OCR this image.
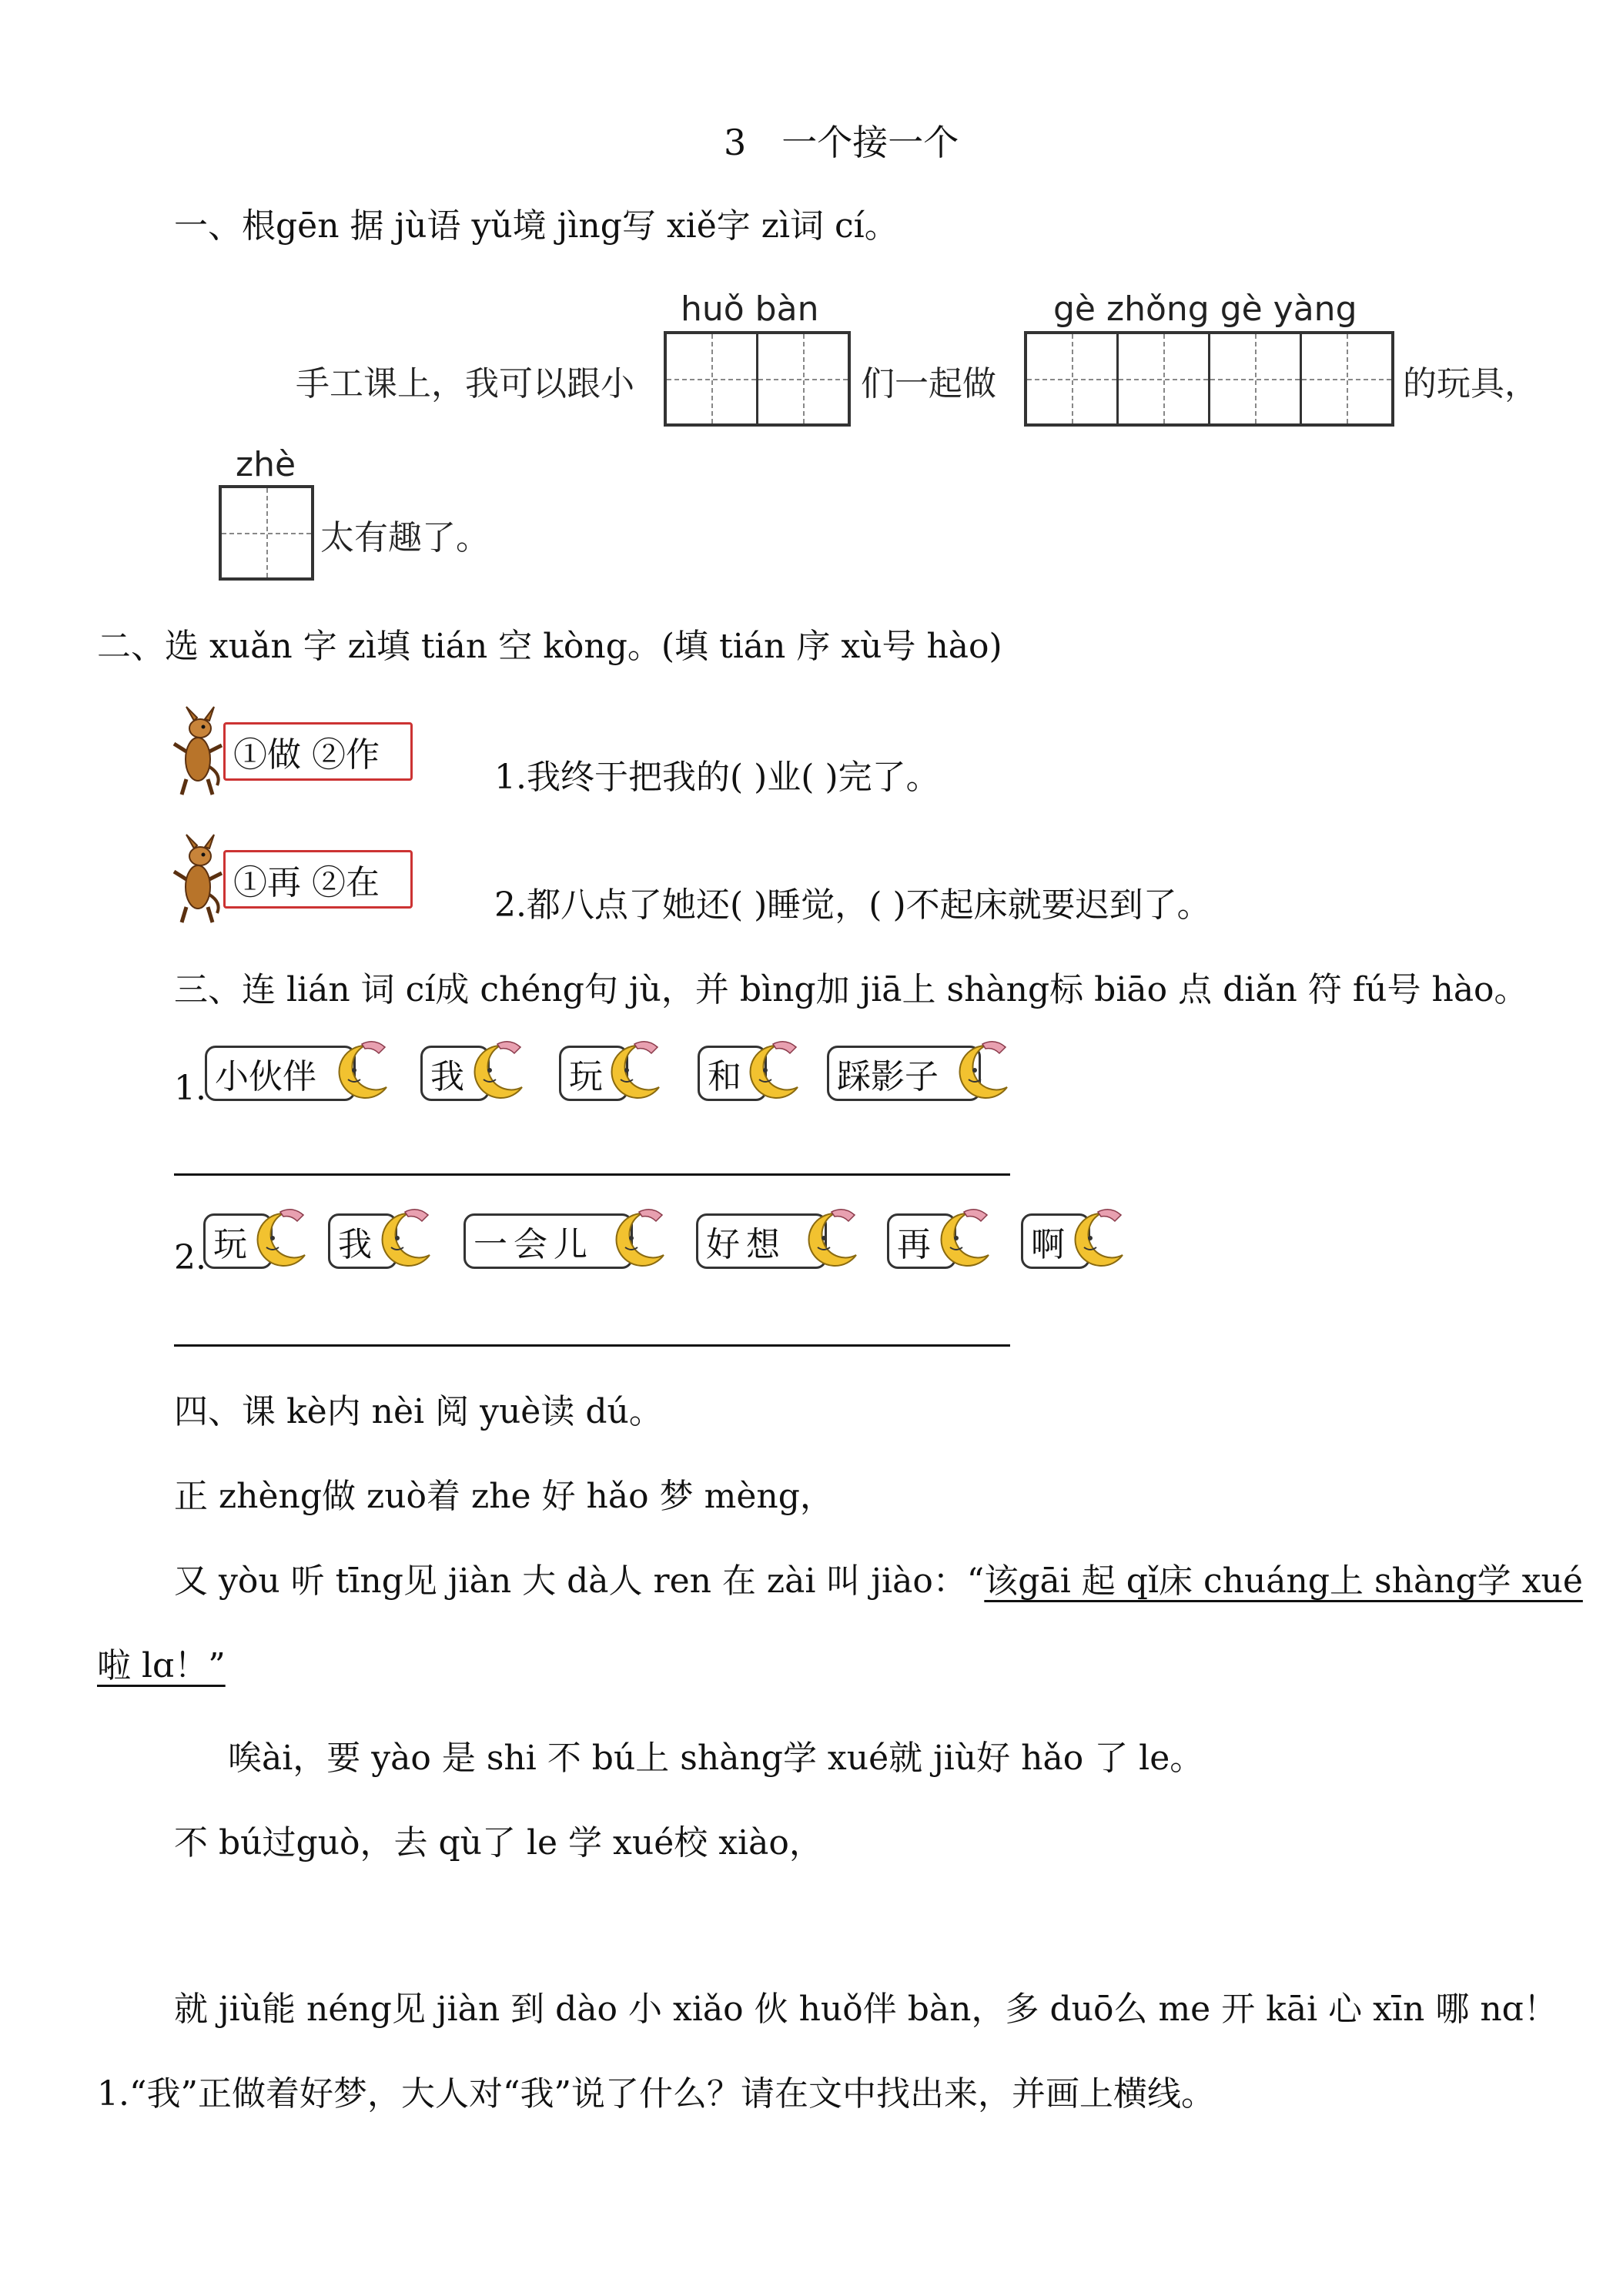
3　一个接一个
一、根gēn 据 jù语 yǔ境 jìng写 xiě字 zì词 cí。
huǒ bàn	gè zhǒng gè yàng
手工课上，我可以跟小	们一起做	的玩具，
zhè
太有趣了。
二、选 xuǎn 字 zì填 tián 空 kòng。(填 tián 序 xù号 hào)
①做 ②作
1.我终于把我的( )业( )完了。
①再 ②在
2.都八点了她还( )睡觉，( )不起床就要迟到了。
三、连 lián 词 cí成 chéng句 jù，并 bìng加 jiā上 shàng标 biāo 点 diǎn 符 fú号 hào。
1. 小伙伴	我	玩	和	踩影子
2. 玩	我	一会儿	好想	再	啊
四、课 kè内 nèi 阅 yuè读 dú。
正 zhèng做 zuò着 zhe 好 hǎo 梦 mèng，
又 yòu 听 tīng见 jiàn 大 dà人 ren 在 zài 叫 jiào：“该gāi 起 qǐ床 chuáng上 shàng学 xué
啦 lɑ！”
唉ài，要 yào 是 shi 不 bú上 shàng学 xué就 jiù好 hǎo 了 le。
不 bú过guò，去 qù了 le 学 xué校 xiào，
就 jiù能 néng见 jiàn 到 dào 小 xiǎo 伙 huǒ伴 bàn，多 duō么 me 开 kāi 心 xīn 哪 nɑ！
1.“我”正做着好梦，大人对“我”说了什么？请在文中找出来，并画上横线。
